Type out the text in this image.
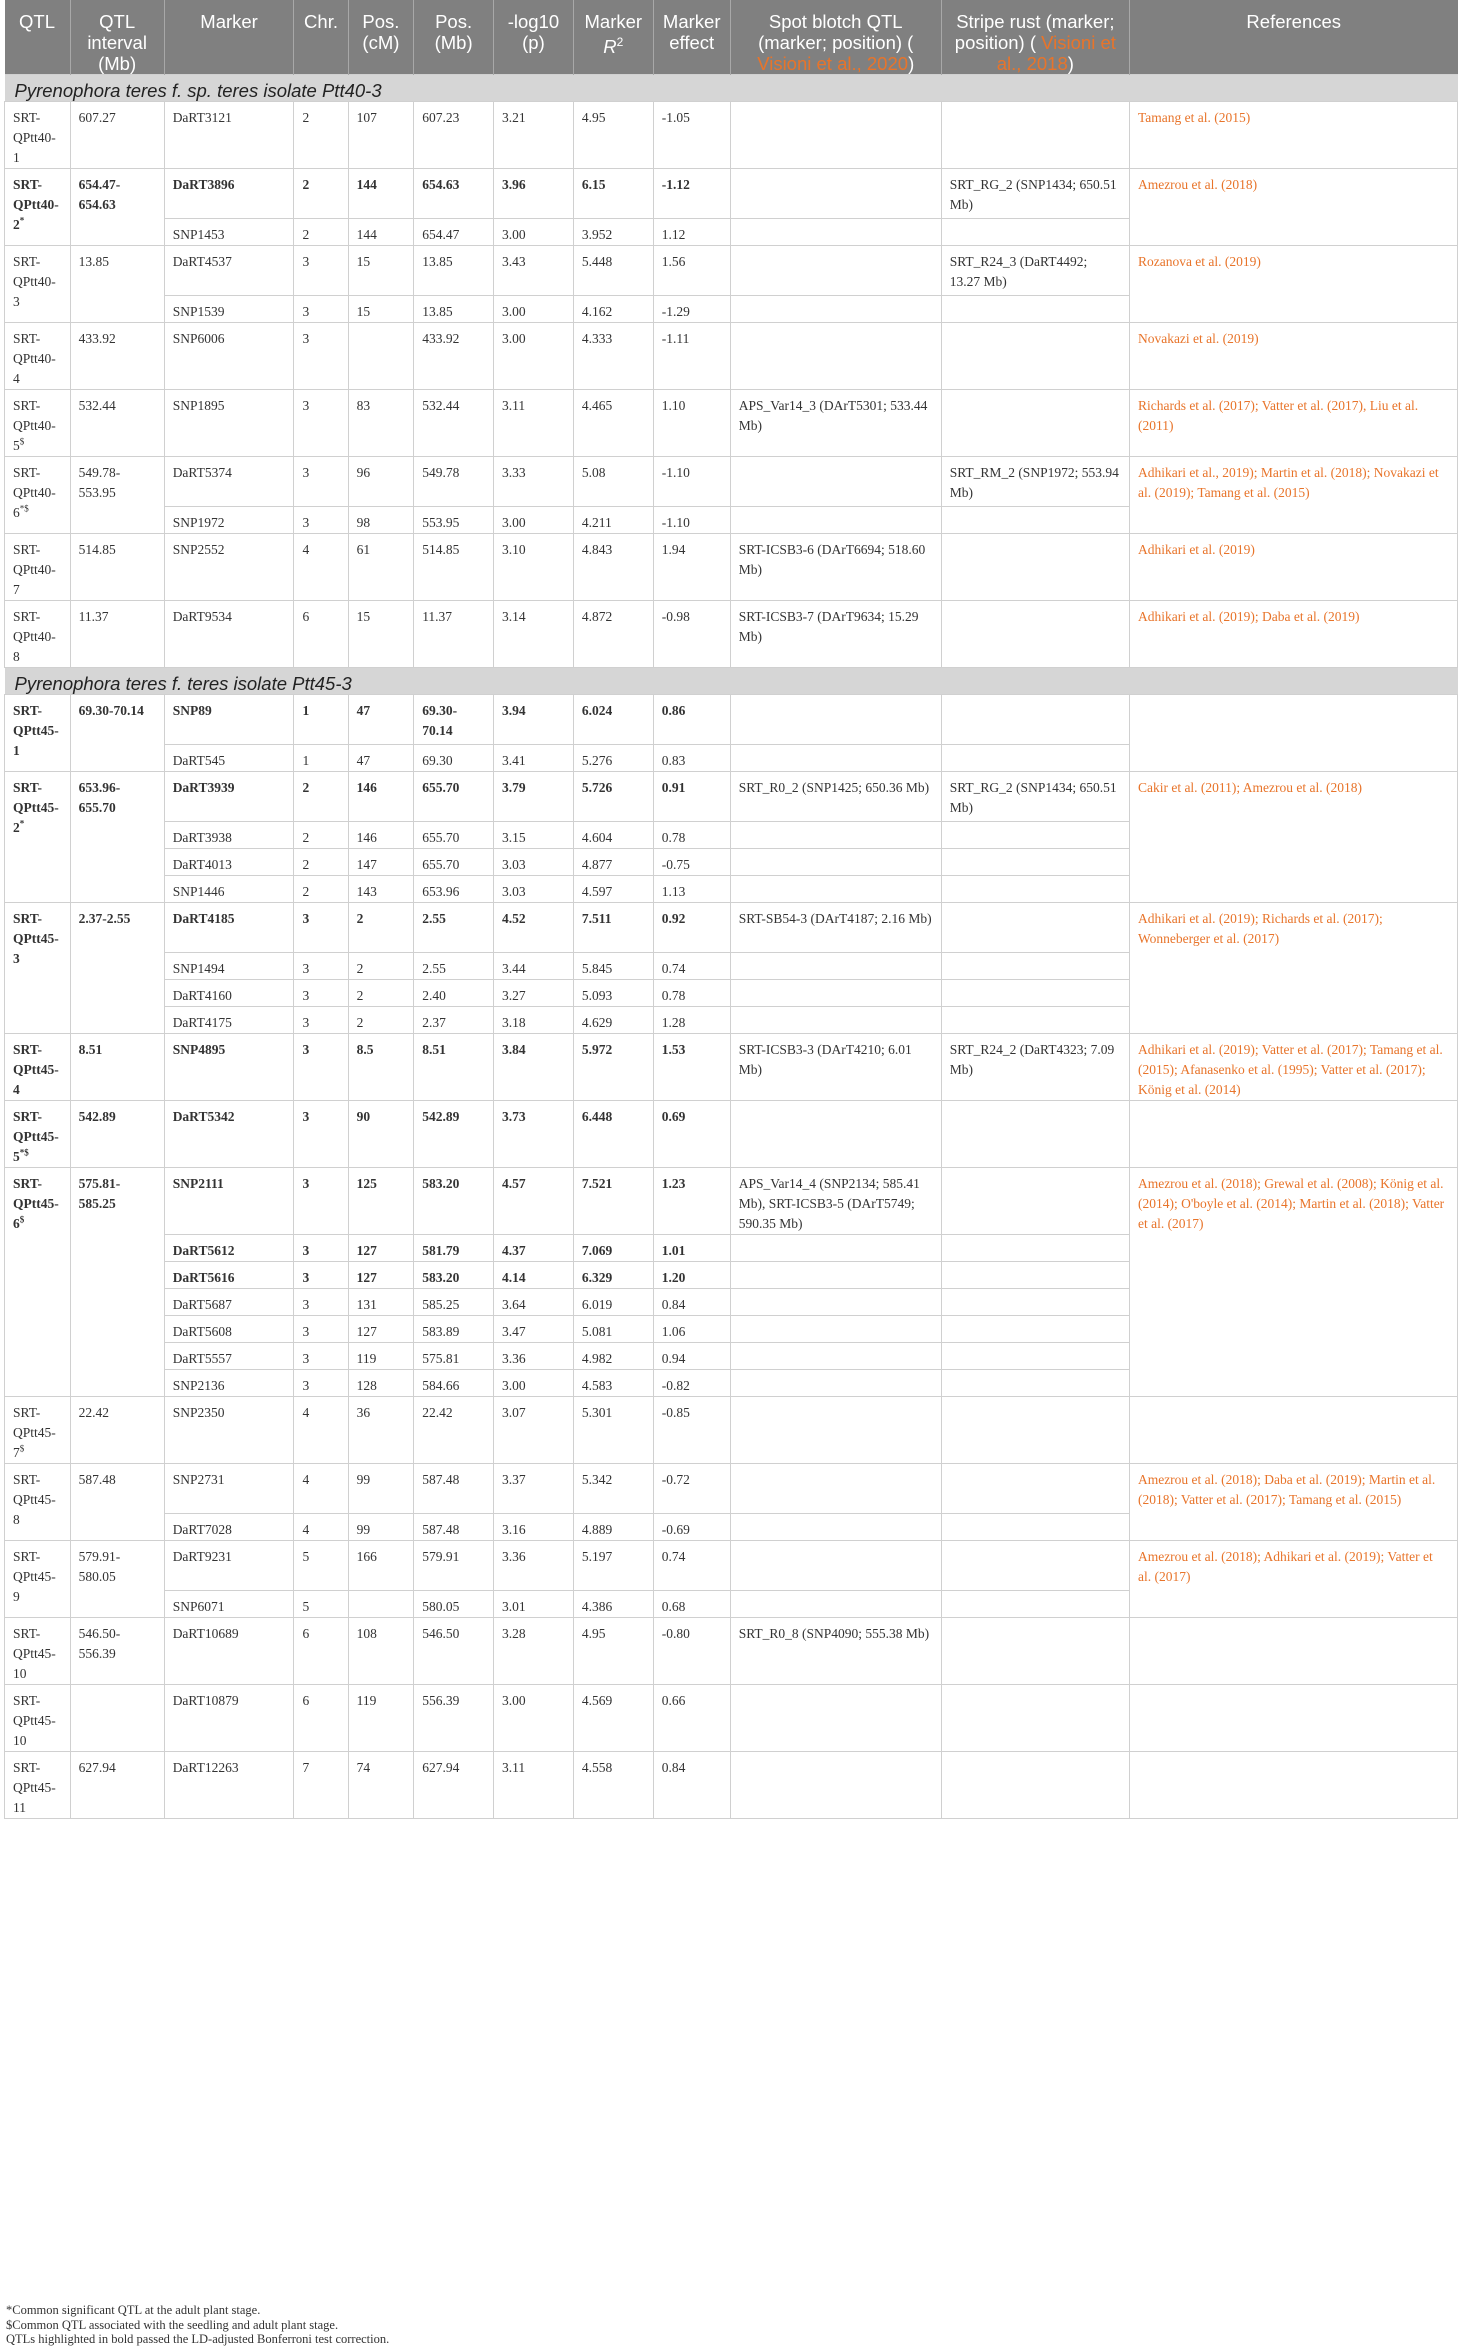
QTL	QTL interval (Mb)	Marker	Chr.	Pos. (cM)	Pos. (Mb)	-log10 (p)	Marker $R^2$	Marker effect	Spot blotch QTL (marker; position) ( Visioni et al., 2020)	Stripe rust (marker; position) ( Visioni et al., 2018)	References
Pyrenophora teres f. sp. teres isolate Ptt40-3											
SRT-QPtt40-1	607.27	DaRT3121	2	107	607.23	3.21	4.95	-1.05			Tamang et al. (2015)
SRT-QPtt40-2*	654.47-654.63	DaRT3896	2	144	654.63	3.96	6.15	-1.12		SRT_RG_2 (SNP1434; 650.51 Mb)	Amezrou et al. (2018)
		SNP1453	2	144	654.47	3.00	3.952	1.12			
SRT-QPtt40-3	13.85	DaRT4537	3	15	13.85	3.43	5.448	1.56		SRT_R24_3 (DaRT4492; 13.27 Mb)	Rozanova et al. (2019)
		SNP1539	3	15	13.85	3.00	4.162	-1.29			
SRT-QPtt40-4	433.92	SNP6006	3		433.92	3.00	4.333	-1.11			Novakazi et al. (2019)
SRT-QPtt40-5$	532.44	SNP1895	3	83	532.44	3.11	4.465	1.10	APS_Var14_3 (DArT5301; 533.44 Mb)		Richards et al. (2017); Vatter et al. (2017), Liu et al. (2011)
SRT-QPtt40-6*$	549.78-553.95	DaRT5374	3	96	549.78	3.33	5.08	-1.10		SRT_RM_2 (SNP1972; 553.94 Mb)	Adhikari et al., 2019); Martin et al. (2018); Novakazi et al. (2019); Tamang et al. (2015)
		SNP1972	3	98	553.95	3.00	4.211	-1.10			
SRT-QPtt40-7	514.85	SNP2552	4	61	514.85	3.10	4.843	1.94	SRT-ICSB3-6 (DArT6694; 518.60 Mb)		Adhikari et al. (2019)
SRT-QPtt40-8	11.37	DaRT9534	6	15	11.37	3.14	4.872	-0.98	SRT-ICSB3-7 (DArT9634; 15.29 Mb)		Adhikari et al. (2019); Daba et al. (2019)
Pyrenophora teres f. teres isolate Ptt45-3											
SRT-QPtt45-1	69.30-70.14	SNP89	1	47	69.30-70.14	3.94	6.024	0.86			
		DaRT545	1	47	69.30	3.41	5.276	0.83			
SRT-QPtt45-2*	653.96-655.70	DaRT3939	2	146	655.70	3.79	5.726	0.91	SRT_R0_2 (SNP1425; 650.36 Mb)	SRT_RG_2 (SNP1434; 650.51 Mb)	Cakir et al. (2011); Amezrou et al. (2018)
		DaRT3938	2	146	655.70	3.15	4.604	0.78			
		DaRT4013	2	147	655.70	3.03	4.877	-0.75			
		SNP1446	2	143	653.96	3.03	4.597	1.13			
SRT-QPtt45-3	2.37-2.55	DaRT4185	3	2	2.55	4.52	7.511	0.92	SRT-SB54-3 (DArT4187; 2.16 Mb)		Adhikari et al. (2019); Richards et al. (2017); Wonneberger et al. (2017)
		SNP1494	3	2	2.55	3.44	5.845	0.74			
		DaRT4160	3	2	2.40	3.27	5.093	0.78			
		DaRT4175	3	2	2.37	3.18	4.629	1.28			
SRT-QPtt45-4	8.51	SNP4895	3	8.5	8.51	3.84	5.972	1.53	SRT-ICSB3-3 (DArT4210; 6.01 Mb)	SRT_R24_2 (DaRT4323; 7.09 Mb)	Adhikari et al. (2019); Vatter et al. (2017); Tamang et al. (2015); Afanasenko et al. (1995); Vatter et al. (2017); König et al. (2014)
SRT-QPtt45-5*$	542.89	DaRT5342	3	90	542.89	3.73	6.448	0.69			
SRT-QPtt45-6$	575.81-585.25	SNP2111	3	125	583.20	4.57	7.521	1.23	APS_Var14_4 (SNP2134; 585.41 Mb), SRT-ICSB3-5 (DArT5749; 590.35 Mb)		Amezrou et al. (2018); Grewal et al. (2008); König et al. (2014); O'boyle et al. (2014); Martin et al. (2018); Vatter et al. (2017)
		DaRT5612	3	127	581.79	4.37	7.069	1.01			
		DaRT5616	3	127	583.20	4.14	6.329	1.20			
		DaRT5687	3	131	585.25	3.64	6.019	0.84			
		DaRT5608	3	127	583.89	3.47	5.081	1.06			
		DaRT5557	3	119	575.81	3.36	4.982	0.94			
		SNP2136	3	128	584.66	3.00	4.583	-0.82			
SRT-QPtt45-7$	22.42	SNP2350	4	36	22.42	3.07	5.301	-0.85			
SRT-QPtt45-8	587.48	SNP2731	4	99	587.48	3.37	5.342	-0.72			Amezrou et al. (2018); Daba et al. (2019); Martin et al. (2018); Vatter et al. (2017); Tamang et al. (2015)
		DaRT7028	4	99	587.48	3.16	4.889	-0.69			
SRT-QPtt45-9	579.91-580.05	DaRT9231	5	166	579.91	3.36	5.197	0.74			Amezrou et al. (2018); Adhikari et al. (2019); Vatter et al. (2017)
		SNP6071	5		580.05	3.01	4.386	0.68			
SRT-QPtt45-10	546.50-556.39	DaRT10689	6	108	546.50	3.28	4.95	-0.80	SRT_R0_8 (SNP4090; 555.38 Mb)		
SRT-QPtt45-10		DaRT10879	6	119	556.39	3.00	4.569	0.66			
SRT-QPtt45-11	627.94	DaRT12263	7	74	627.94	3.11	4.558	0.84			
*Common significant QTL at the adult plant stage.
$Common QTL associated with the seedling and adult plant stage.
QTLs highlighted in bold passed the LD-adjusted Bonferroni test correction.
